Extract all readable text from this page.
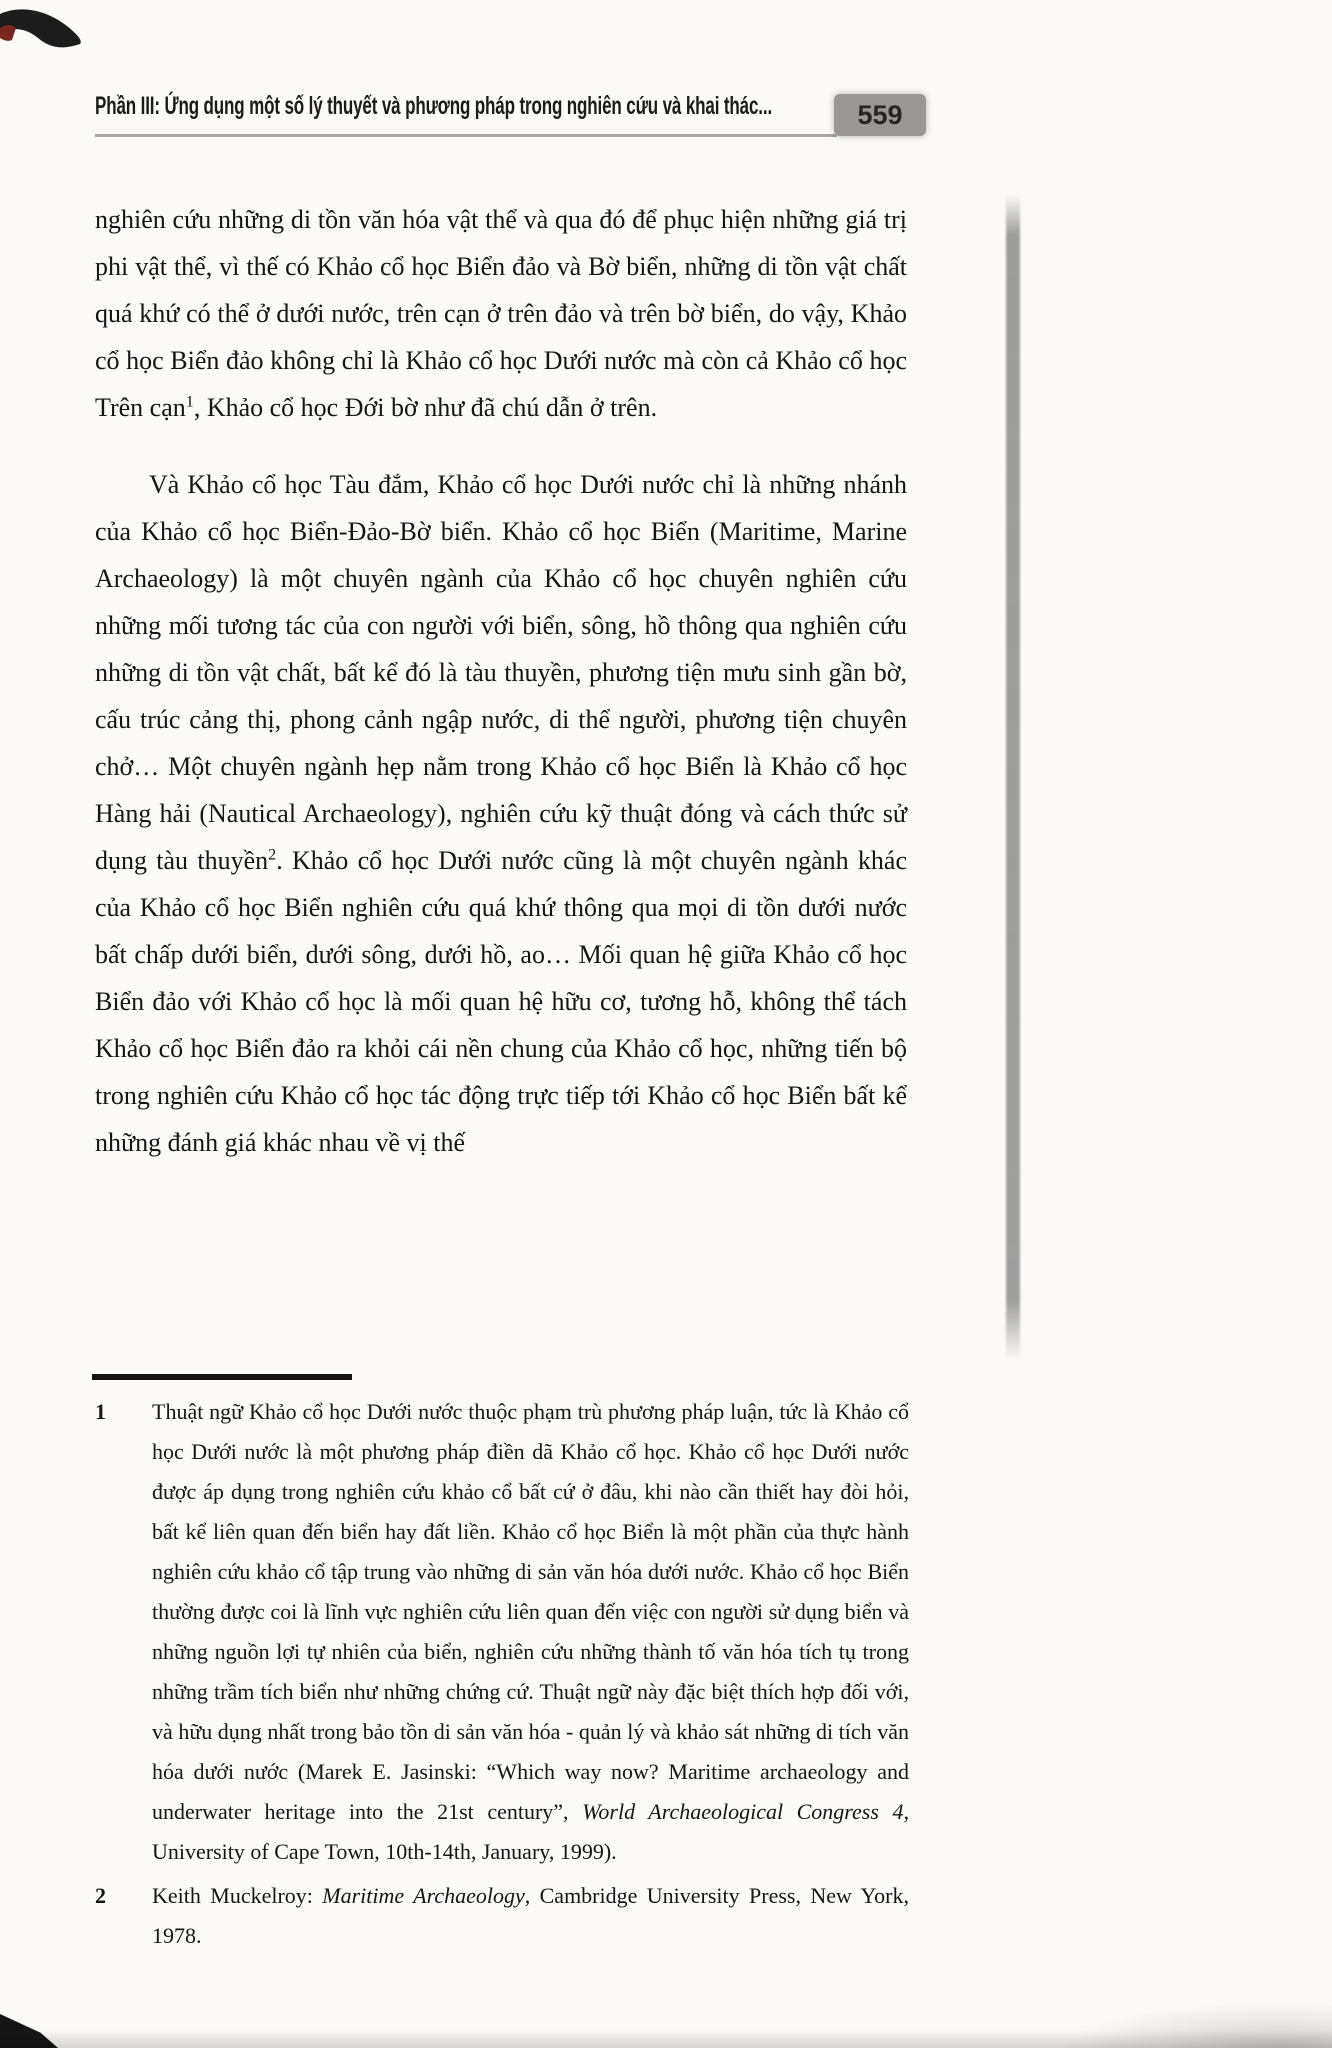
Phần III: Ứng dụng một số lý thuyết và phương pháp trong nghiên cứu và khai thác...	559

nghiên cứu những di tồn văn hóa vật thể và qua đó để phục hiện những giá trị phi vật thể, vì thế có Khảo cổ học Biển đảo và Bờ biển, những di tồn vật chất quá khứ có thể ở dưới nước, trên cạn ở trên đảo và trên bờ biển, do vậy, Khảo cổ học Biển đảo không chỉ là Khảo cổ học Dưới nước mà còn cả Khảo cổ học Trên cạn$^1$, Khảo cổ học Đới bờ như đã chú dẫn ở trên.

Và Khảo cổ học Tàu đắm, Khảo cổ học Dưới nước chỉ là những nhánh của Khảo cổ học Biển-Đảo-Bờ biển. Khảo cổ học Biển (Maritime, Marine Archaeology) là một chuyên ngành của Khảo cổ học chuyên nghiên cứu những mối tương tác của con người với biển, sông, hồ thông qua nghiên cứu những di tồn vật chất, bất kể đó là tàu thuyền, phương tiện mưu sinh gần bờ, cấu trúc cảng thị, phong cảnh ngập nước, di thể người, phương tiện chuyên chở… Một chuyên ngành hẹp nằm trong Khảo cổ học Biển là Khảo cổ học Hàng hải (Nautical Archaeology), nghiên cứu kỹ thuật đóng và cách thức sử dụng tàu thuyền$^2$. Khảo cổ học Dưới nước cũng là một chuyên ngành khác của Khảo cổ học Biển nghiên cứu quá khứ thông qua mọi di tồn dưới nước bất chấp dưới biển, dưới sông, dưới hồ, ao… Mối quan hệ giữa Khảo cổ học Biển đảo với Khảo cổ học là mối quan hệ hữu cơ, tương hỗ, không thể tách Khảo cổ học Biển đảo ra khỏi cái nền chung của Khảo cổ học, những tiến bộ trong nghiên cứu Khảo cổ học tác động trực tiếp tới Khảo cổ học Biển bất kể những đánh giá khác nhau về vị thế

1	Thuật ngữ Khảo cổ học Dưới nước thuộc phạm trù phương pháp luận, tức là Khảo cổ học Dưới nước là một phương pháp điền dã Khảo cổ học. Khảo cổ học Dưới nước được áp dụng trong nghiên cứu khảo cổ bất cứ ở đâu, khi nào cần thiết hay đòi hỏi, bất kể liên quan đến biển hay đất liền. Khảo cổ học Biển là một phần của thực hành nghiên cứu khảo cổ tập trung vào những di sản văn hóa dưới nước. Khảo cổ học Biển thường được coi là lĩnh vực nghiên cứu liên quan đến việc con người sử dụng biển và những nguồn lợi tự nhiên của biển, nghiên cứu những thành tố văn hóa tích tụ trong những trầm tích biển như những chứng cứ. Thuật ngữ này đặc biệt thích hợp đối với, và hữu dụng nhất trong bảo tồn di sản văn hóa - quản lý và khảo sát những di tích văn hóa dưới nước (Marek E. Jasinski: “Which way now? Maritime archaeology and underwater heritage into the 21st century”, World Archaeological Congress 4, University of Cape Town, 10th-14th, January, 1999).
2	Keith Muckelroy: Maritime Archaeology, Cambridge University Press, New York, 1978.
